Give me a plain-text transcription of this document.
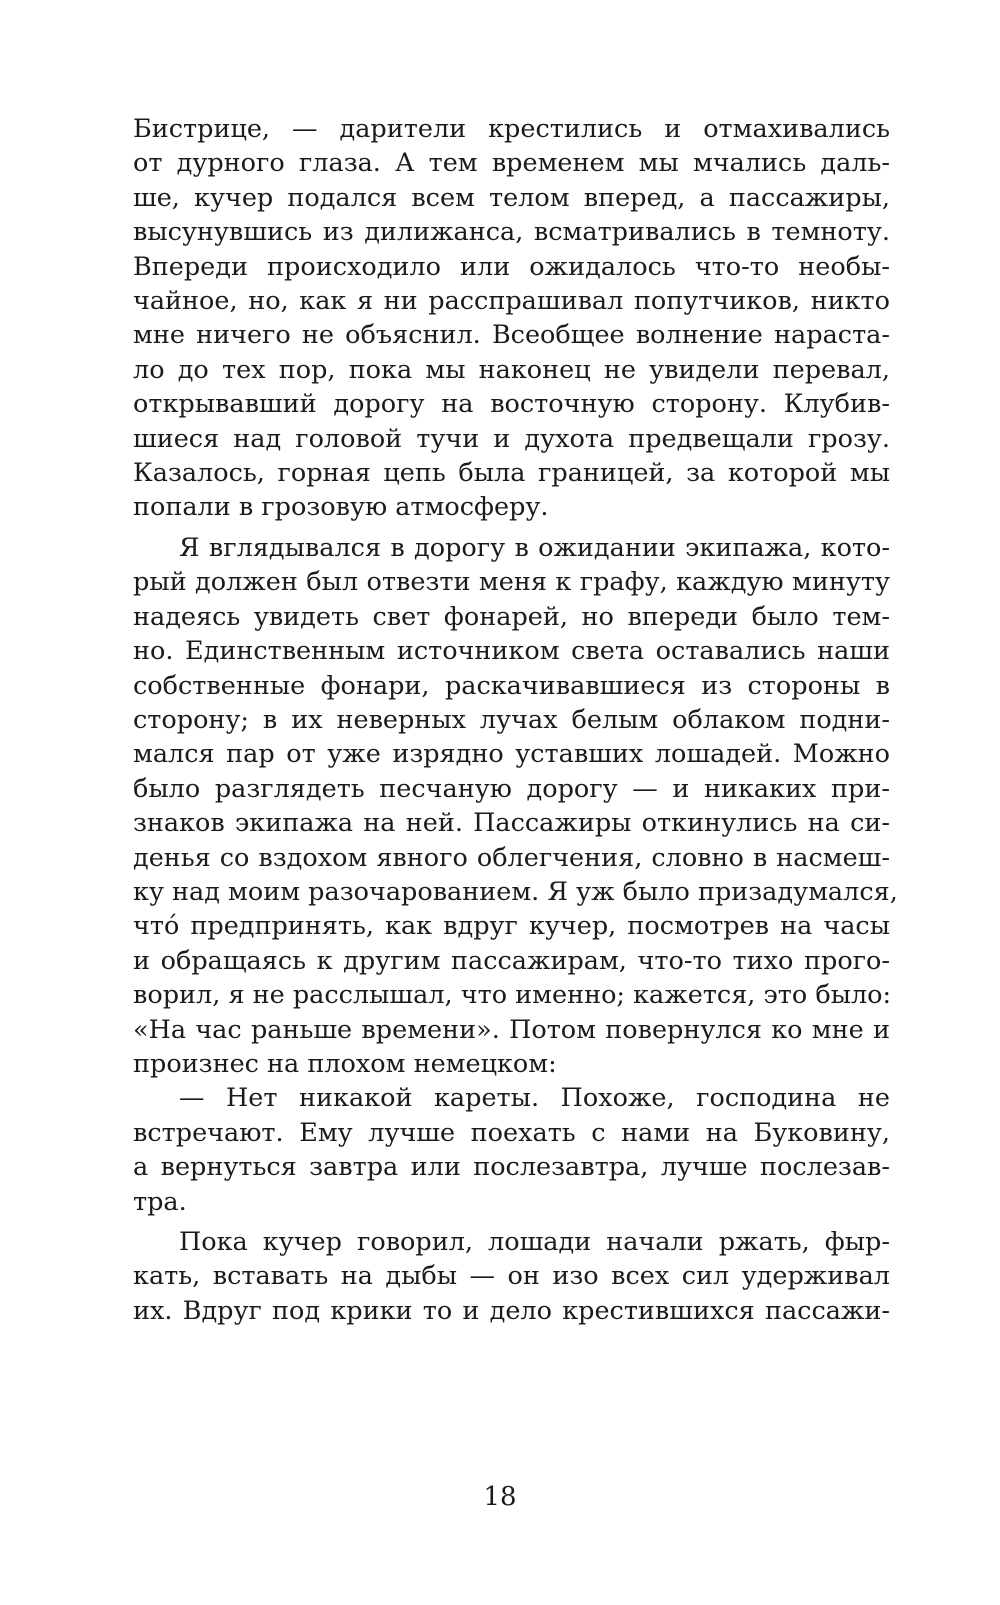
Бистрице, — дарители крестились и отмахивались
от дурного глаза. А тем временем мы мчались даль-
ше, кучер подался всем телом вперед, а пассажиры,
высунувшись из дилижанса, всматривались в темноту.
Впереди происходило или ожидалось что-то необы-
чайное, но, как я ни расспрашивал попутчиков, никто
мне ничего не объяснил. Всеобщее волнение нараста-
ло до тех пор, пока мы наконец не увидели перевал,
открывавший дорогу на восточную сторону. Клубив-
шиеся над головой тучи и духота предвещали грозу.
Казалось, горная цепь была границей, за которой мы
попали в грозовую атмосферу.
Я вглядывался в дорогу в ожидании экипажа, кото-
рый должен был отвезти меня к графу, каждую минуту
надеясь увидеть свет фонарей, но впереди было тем-
но. Единственным источником света оставались наши
собственные фонари, раскачивавшиеся из стороны в
сторону; в их неверных лучах белым облаком подни-
мался пар от уже изрядно уставших лошадей. Можно
было разглядеть песчаную дорогу — и никаких при-
знаков экипажа на ней. Пассажиры откинулись на си-
денья со вздохом явного облегчения, словно в насмеш-
ку над моим разочарованием. Я уж было призадумался,
чтó предпринять, как вдруг кучер, посмотрев на часы
и обращаясь к другим пассажирам, что-то тихо прого-
ворил, я не расслышал, что именно; кажется, это было:
«На час раньше времени». Потом повернулся ко мне и
произнес на плохом немецком:
— Нет никакой кареты. Похоже, господина не
встречают. Ему лучше поехать с нами на Буковину,
а вернуться завтра или послезавтра, лучше послезав-
тра.
Пока кучер говорил, лошади начали ржать, фыр-
кать, вставать на дыбы — он изо всех сил удерживал
их. Вдруг под крики то и дело крестившихся пассажи-
18
